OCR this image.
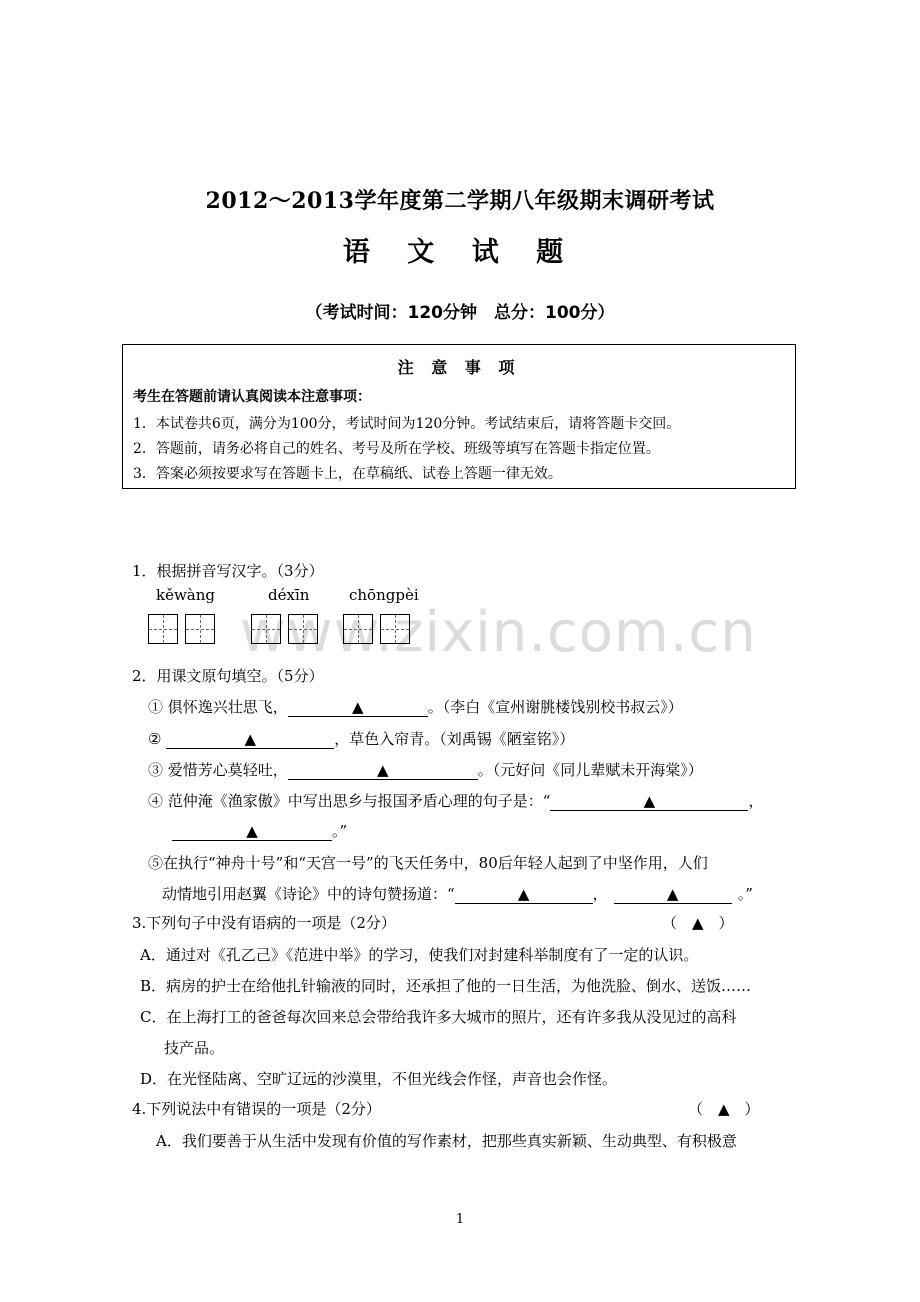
2012～2013学年度第二学期八年级期末调研考试
语 文 试 题
（考试时间：120分钟　总分：100分）
注 意 事 项
考生在答题前请认真阅读本注意事项：
1．本试卷共6页，满分为100分，考试时间为120分钟。考试结束后，请将答题卡交回。
2．答题前，请务必将自己的姓名、考号及所在学校、班级等填写在答题卡指定位置。
3．答案必须按要求写在答题卡上，在草稿纸、试卷上答题一律无效。
www.zixin.com.cn
1．根据拼音写汉字。（3分）
kěwàng	déxīn	chōngpèi
2．用课文原句填空。（5分）
① 俱怀逸兴壮思飞，	▲	。（李白《宣州谢朓楼饯别校书叔云》）
②	▲	，草色入帘青。（刘禹锡《陋室铭》）
③ 爱惜芳心莫轻吐，	▲	。（元好问《同儿辈赋未开海棠》）
④ 范仲淹《渔家傲》中写出思乡与报国矛盾心理的句子是：“	▲	，
▲	。”
⑤在执行“神舟十号”和“天宫一号”的飞天任务中，80后年轻人起到了中坚作用，人们
动情地引用赵翼《诗论》中的诗句赞扬道：“	▲	，	▲	。”
3.下列句子中没有语病的一项是（2分）	（　▲　）
A．通过对《孔乙己》《范进中举》的学习，使我们对封建科举制度有了一定的认识。
B．病房的护士在给他扎针输液的同时，还承担了他的一日生活，为他洗脸、倒水、送饭……
C．在上海打工的爸爸每次回来总会带给我许多大城市的照片，还有许多我从没见过的高科
技产品。
D．在光怪陆离、空旷辽远的沙漠里，不但光线会作怪，声音也会作怪。
4.下列说法中有错误的一项是（2分）	（　▲　）
A．我们要善于从生活中发现有价值的写作素材，把那些真实新颖、生动典型、有积极意
1
